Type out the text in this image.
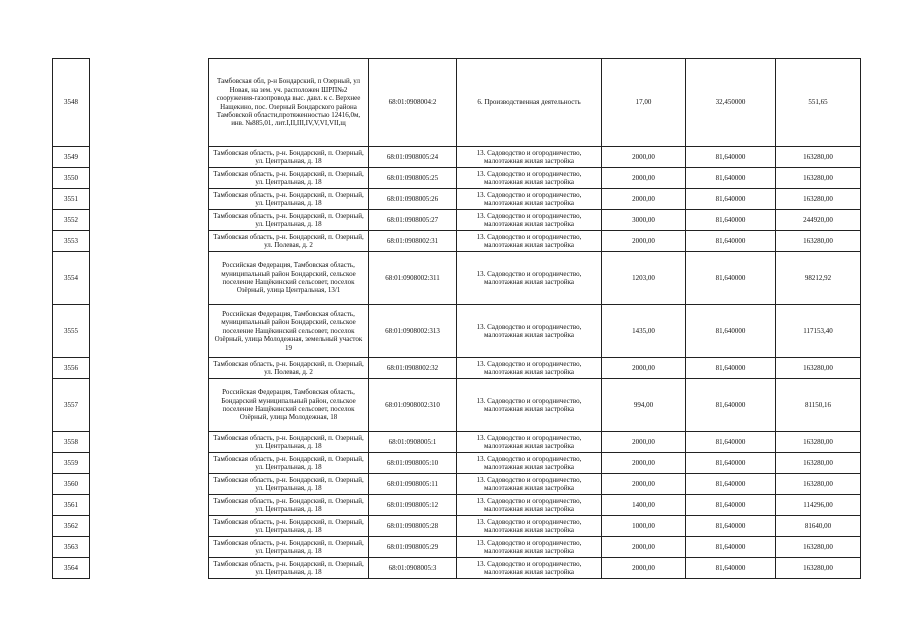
3548		Тамбовская обл, р-н Бондарский, п Озерный, ул Новая, на зем. уч. расположен ШРП№2 сооружения-газопровода выс. давл. к с. Верхнее Нащекино, пос. Озерный Бондарского района Тамбовской области,протяженностью 12416,0м, инв. №885,01, лит.I,II,III,IV,V,VI,VII,щ	68:01:0908004:2	6. Производственная деятельность	17,00	32,450000	551,65
3549		Тамбовская область, р-н. Бондарский, п. Озерный, ул. Центральная, д. 18	68:01:0908005:24	13. Садоводство и огородничество, малоэтажная жилая застройка	2000,00	81,640000	163280,00
3550		Тамбовская область, р-н. Бондарский, п. Озерный, ул. Центральная, д. 18	68:01:0908005:25	13. Садоводство и огородничество, малоэтажная жилая застройка	2000,00	81,640000	163280,00
3551		Тамбовская область, р-н. Бондарский, п. Озерный, ул. Центральная, д. 18	68:01:0908005:26	13. Садоводство и огородничество, малоэтажная жилая застройка	2000,00	81,640000	163280,00
3552		Тамбовская область, р-н. Бондарский, п. Озерный, ул. Центральная, д. 18	68:01:0908005:27	13. Садоводство и огородничество, малоэтажная жилая застройка	3000,00	81,640000	244920,00
3553		Тамбовская область, р-н. Бондарский, п. Озерный, ул. Полевая, д. 2	68:01:0908002:31	13. Садоводство и огородничество, малоэтажная жилая застройка	2000,00	81,640000	163280,00
3554		Российская Федерация, Тамбовская область, муниципальный район Бондарский, сельское поселение Нащёкинский сельсовет, поселок Озёрный, улица Центральная, 13/1	68:01:0908002:311	13. Садоводство и огородничество, малоэтажная жилая застройка	1203,00	81,640000	98212,92
3555		Российская Федерация, Тамбовская область, муниципальный район Бондарский, сельское поселение Нащёкинский сельсовет, поселок Озёрный, улица Молодежная, земельный участок 19	68:01:0908002:313	13. Садоводство и огородничество, малоэтажная жилая застройка	1435,00	81,640000	117153,40
3556		Тамбовская область, р-н. Бондарский, п. Озерный, ул. Полевая, д. 2	68:01:0908002:32	13. Садоводство и огородничество, малоэтажная жилая застройка	2000,00	81,640000	163280,00
3557		Российская Федерация, Тамбовская область, Бондарский муниципальный район, сельское поселение Нащёкинский сельсовет, поселок Озёрный, улица Молодежная, 18	68:01:0908002:310	13. Садоводство и огородничество, малоэтажная жилая застройка	994,00	81,640000	81150,16
3558		Тамбовская область, р-н. Бондарский, п. Озерный, ул. Центральная, д. 18	68:01:0908005:1	13. Садоводство и огородничество, малоэтажная жилая застройка	2000,00	81,640000	163280,00
3559		Тамбовская область, р-н. Бондарский, п. Озерный, ул. Центральная, д. 18	68:01:0908005:10	13. Садоводство и огородничество, малоэтажная жилая застройка	2000,00	81,640000	163280,00
3560		Тамбовская область, р-н. Бондарский, п. Озерный, ул. Центральная, д. 18	68:01:0908005:11	13. Садоводство и огородничество, малоэтажная жилая застройка	2000,00	81,640000	163280,00
3561		Тамбовская область, р-н. Бондарский, п. Озерный, ул. Центральная, д. 18	68:01:0908005:12	13. Садоводство и огородничество, малоэтажная жилая застройка	1400,00	81,640000	114296,00
3562		Тамбовская область, р-н. Бондарский, п. Озерный, ул. Центральная, д. 18	68:01:0908005:28	13. Садоводство и огородничество, малоэтажная жилая застройка	1000,00	81,640000	81640,00
3563		Тамбовская область, р-н. Бондарский, п. Озерный, ул. Центральная, д. 18	68:01:0908005:29	13. Садоводство и огородничество, малоэтажная жилая застройка	2000,00	81,640000	163280,00
3564		Тамбовская область, р-н. Бондарский, п. Озерный, ул. Центральная, д. 18	68:01:0908005:3	13. Садоводство и огородничество, малоэтажная жилая застройка	2000,00	81,640000	163280,00
